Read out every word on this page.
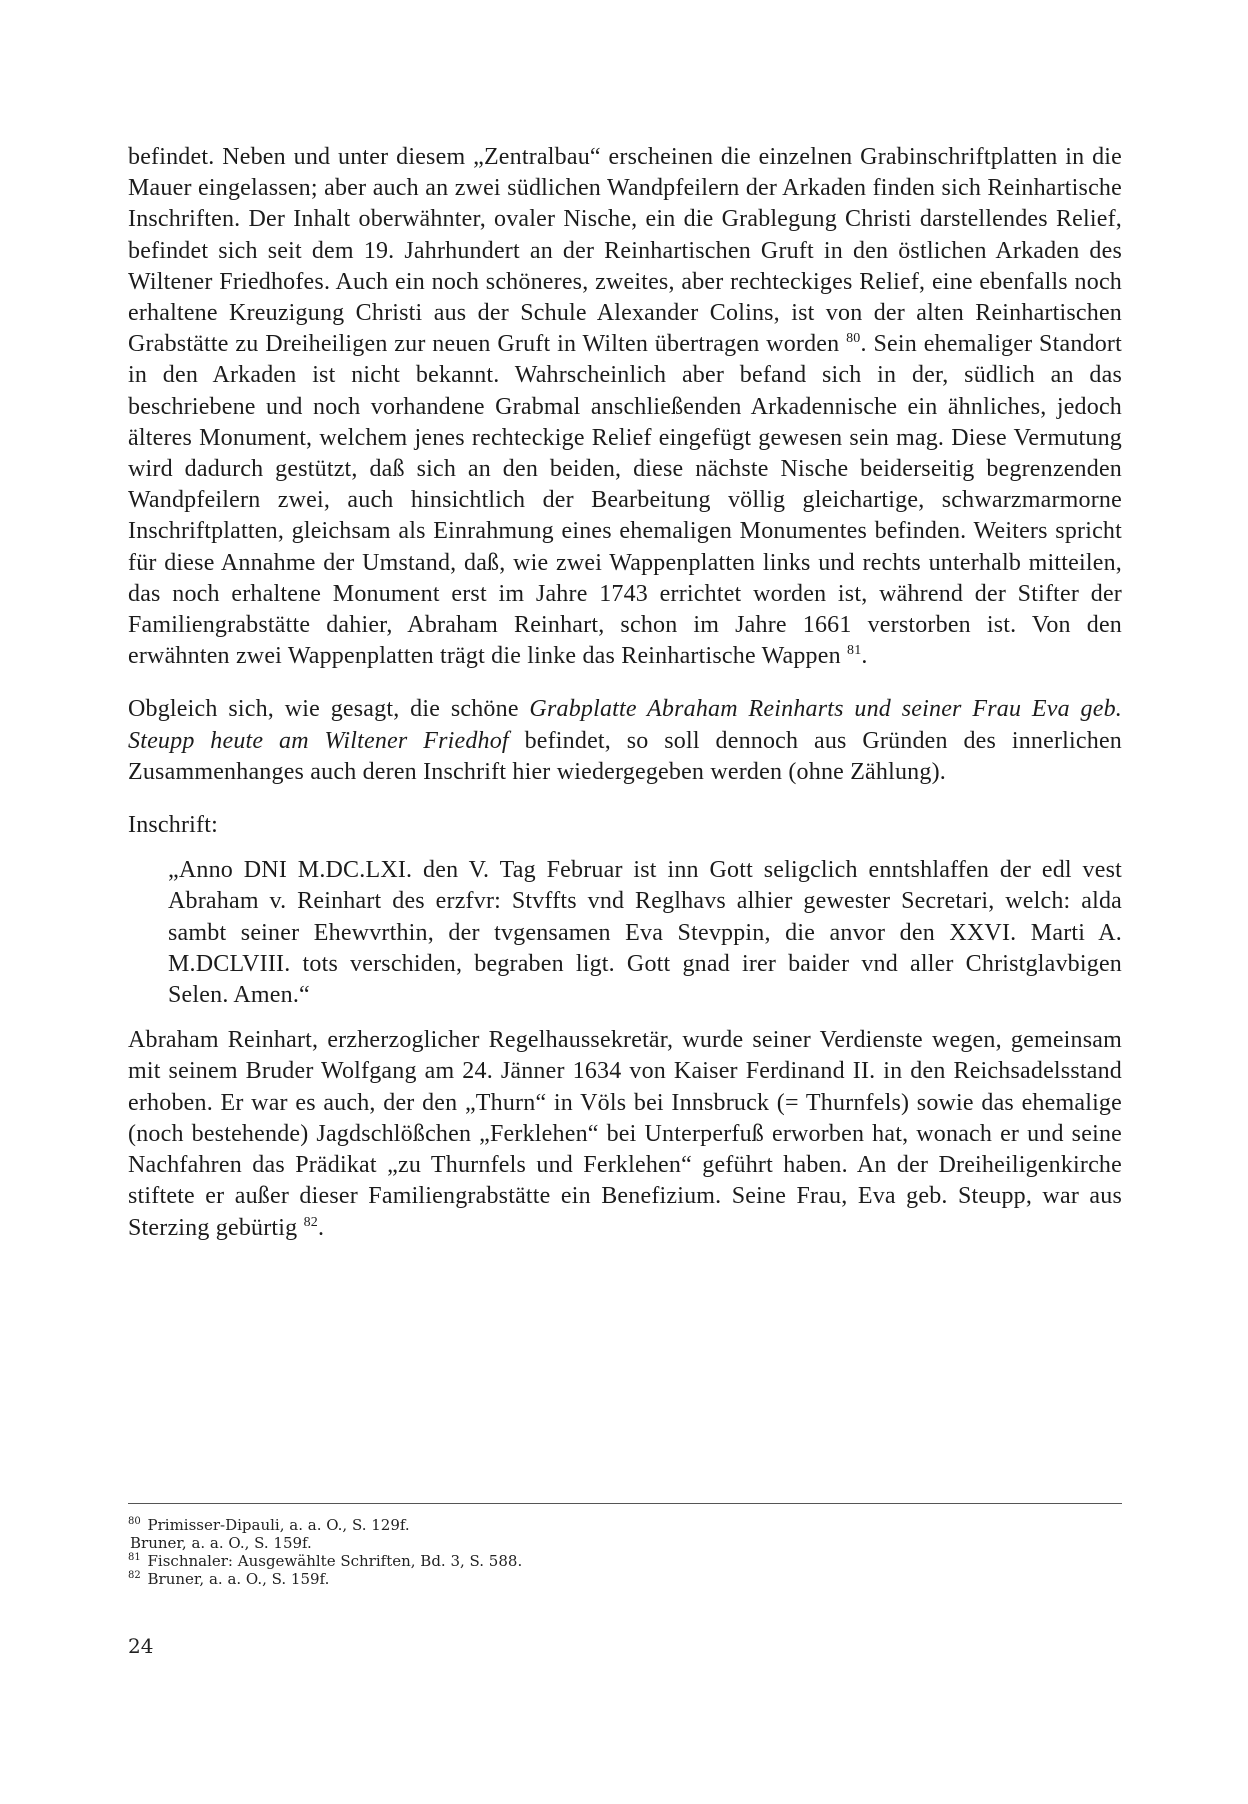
befindet. Neben und unter diesem „Zentralbau“ erscheinen die einzelnen Grabinschriftplatten in die Mauer eingelassen; aber auch an zwei südlichen Wandpfeilern der Arkaden finden sich Reinhartische Inschriften. Der Inhalt oberwähnter, ovaler Nische, ein die Grablegung Christi darstellendes Relief, befindet sich seit dem 19. Jahrhundert an der Reinhartischen Gruft in den östlichen Arkaden des Wiltener Friedhofes. Auch ein noch schöneres, zweites, aber rechteckiges Relief, eine ebenfalls noch erhaltene Kreuzigung Christi aus der Schule Alexander Colins, ist von der alten Reinhartischen Grabstätte zu Dreiheiligen zur neuen Gruft in Wilten übertragen worden $^{80}$. Sein ehemaliger Standort in den Arkaden ist nicht bekannt. Wahrscheinlich aber befand sich in der, südlich an das beschriebene und noch vorhandene Grabmal anschließenden Arkadennische ein ähnliches, jedoch älteres Monument, welchem jenes rechteckige Relief eingefügt gewesen sein mag. Diese Vermutung wird dadurch gestützt, daß sich an den beiden, diese nächste Nische beiderseitig begrenzenden Wandpfeilern zwei, auch hinsichtlich der Bearbeitung völlig gleichartige, schwarzmarmorne Inschriftplatten, gleichsam als Einrahmung eines ehemaligen Monumentes befinden. Weiters spricht für diese Annahme der Umstand, daß, wie zwei Wappenplatten links und rechts unterhalb mitteilen, das noch erhaltene Monument erst im Jahre 1743 errichtet worden ist, während der Stifter der Familiengrabstätte dahier, Abraham Reinhart, schon im Jahre 1661 verstorben ist. Von den erwähnten zwei Wappenplatten trägt die linke das Reinhartische Wappen $^{81}$.

Obgleich sich, wie gesagt, die schöne Grabplatte Abraham Reinharts und seiner Frau Eva geb. Steupp heute am Wiltener Friedhof befindet, so soll dennoch aus Gründen des innerlichen Zusammenhanges auch deren Inschrift hier wiedergegeben werden (ohne Zählung).

Inschrift:

„Anno DNI M.DC.LXI. den V. Tag Februar ist inn Gott seligclich enntshlaffen der edl vest Abraham v. Reinhart des erzfvr: Stvffts vnd Reglhavs alhier gewester Secretari, welch: alda sambt seiner Ehewvrthin, der tvgensamen Eva Stevppin, die anvor den XXVI. Marti A. M.DCLVIII. tots verschiden, begraben ligt. Gott gnad irer baider vnd aller Christglavbigen Selen. Amen.“

Abraham Reinhart, erzherzoglicher Regelhaussekretär, wurde seiner Verdienste wegen, gemeinsam mit seinem Bruder Wolfgang am 24. Jänner 1634 von Kaiser Ferdinand II. in den Reichsadelsstand erhoben. Er war es auch, der den „Thurn“ in Völs bei Innsbruck (= Thurnfels) sowie das ehemalige (noch bestehende) Jagdschlößchen „Ferklehen“ bei Unterperfuß erworben hat, wonach er und seine Nachfahren das Prädikat „zu Thurnfels und Ferklehen“ geführt haben. An der Dreiheiligenkirche stiftete er außer dieser Familiengrabstätte ein Benefizium. Seine Frau, Eva geb. Steupp, war aus Sterzing gebürtig $^{82}$.

$^{80}$ Primisser-Dipauli, a. a. O., S. 129f.
Bruner, a. a. O., S. 159f.
$^{81}$ Fischnaler: Ausgewählte Schriften, Bd. 3, S. 588.
$^{82}$ Bruner, a. a. O., S. 159f.
24
